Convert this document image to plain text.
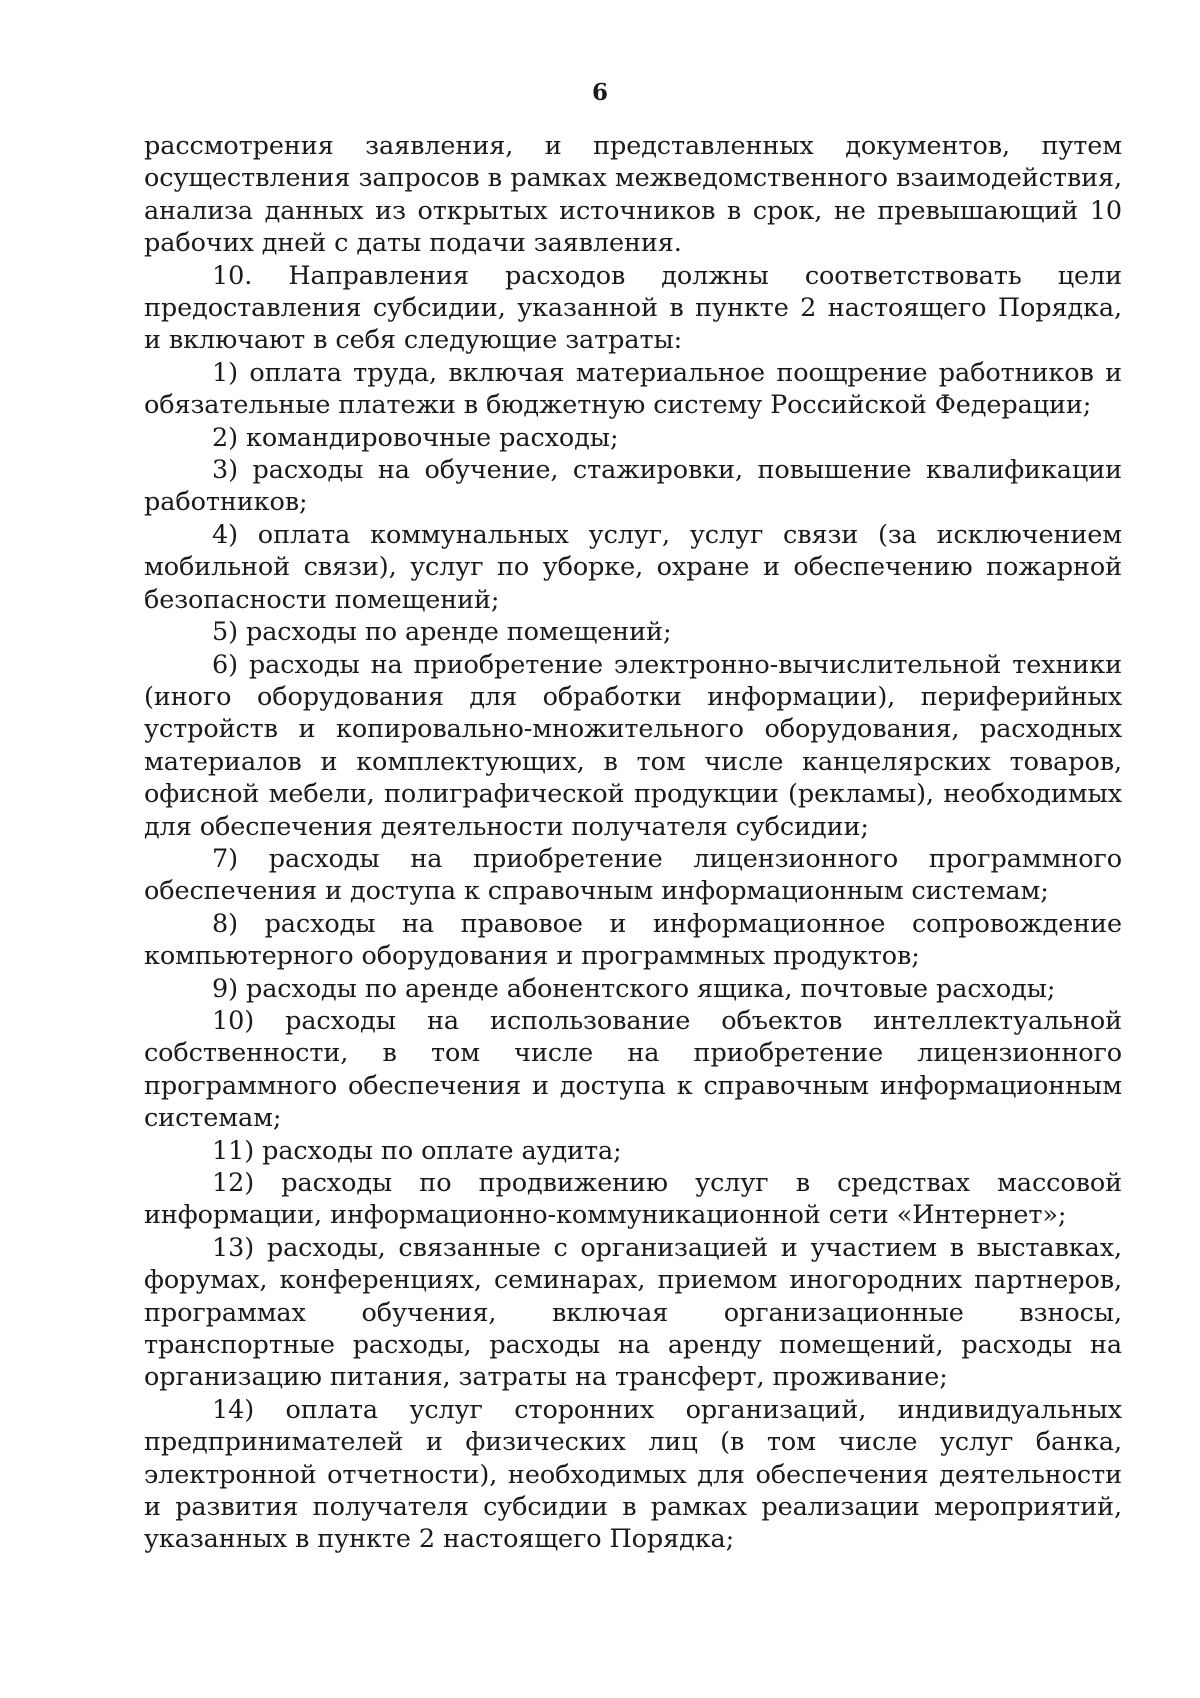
6

рассмотрения заявления, и представленных документов, путем осуществления запросов в рамках межведомственного взаимодействия, анализа данных из открытых источников в срок, не превышающий 10 рабочих дней с даты подачи заявления.

10. Направления расходов должны соответствовать цели предоставления субсидии, указанной в пункте 2 настоящего Порядка, и включают в себя следующие затраты:

1) оплата труда, включая материальное поощрение работников и обязательные платежи в бюджетную систему Российской Федерации;

2) командировочные расходы;

3) расходы на обучение, стажировки, повышение квалификации работников;

4) оплата коммунальных услуг, услуг связи (за исключением мобильной связи), услуг по уборке, охране и обеспечению пожарной безопасности помещений;

5) расходы по аренде помещений;

6) расходы на приобретение электронно-вычислительной техники (иного оборудования для обработки информации), периферийных устройств и копировально-множительного оборудования, расходных материалов и комплектующих, в том числе канцелярских товаров, офисной мебели, полиграфической продукции (рекламы), необходимых для обеспечения деятельности получателя субсидии;

7) расходы на приобретение лицензионного программного обеспечения и доступа к справочным информационным системам;

8) расходы на правовое и информационное сопровождение компьютерного оборудования и программных продуктов;

9) расходы по аренде абонентского ящика, почтовые расходы;

10) расходы на использование объектов интеллектуальной собственности, в том числе на приобретение лицензионного программного обеспечения и доступа к справочным информационным системам;

11) расходы по оплате аудита;

12) расходы по продвижению услуг в средствах массовой информации, информационно-коммуникационной сети «Интернет»;

13) расходы, связанные с организацией и участием в выставках, форумах, конференциях, семинарах, приемом иногородних партнеров, программах обучения, включая организационные взносы, транспортные расходы, расходы на аренду помещений, расходы на организацию питания, затраты на трансферт, проживание;

14) оплата услуг сторонних организаций, индивидуальных предпринимателей и физических лиц (в том числе услуг банка, электронной отчетности), необходимых для обеспечения деятельности и развития получателя субсидии в рамках реализации мероприятий, указанных в пункте 2 настоящего Порядка;
